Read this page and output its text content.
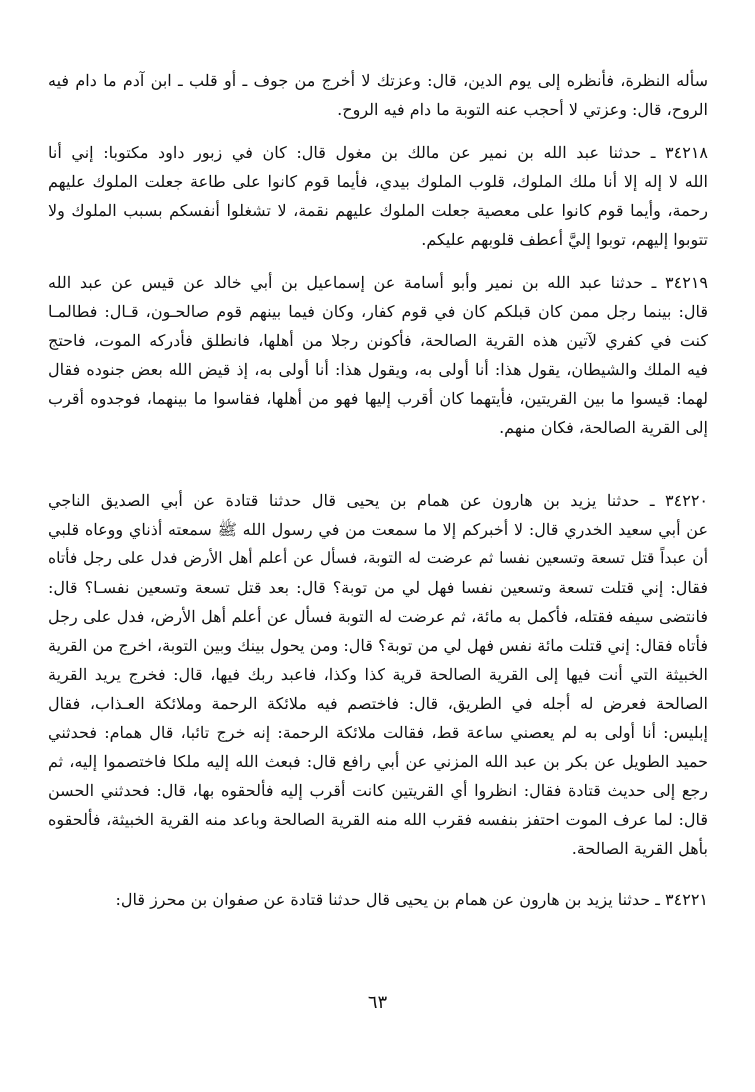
سأله النظرة، فأنظره إلى يوم الدين، قال: وعزتك لا أخرج من جوف ـ أو قلب ـ ابن آدم ما دام فيه
الروح، قال: وعزتي لا أحجب عنه التوبة ما دام فيه الروح.
٣٤٢١٨ ـ حدثنا عبد الله بن نمير عن مالك بن مغول قال: كان في زبور داود مكتوبا: إني أنا
الله لا إله إلا أنا ملك الملوك، قلوب الملوك بيدي، فأيما قوم كانوا على طاعة جعلت الملوك عليهم
رحمة، وأيما قوم كانوا على معصية جعلت الملوك عليهم نقمة، لا تشغلوا أنفسكم بسبب الملوك ولا
تتوبوا إليهم، توبوا إليَّ أعطف قلوبهم عليكم.
٣٤٢١٩ ـ حدثنا عبد الله بن نمير وأبو أسامة عن إسماعيل بن أبي خالد عن قيس عن عبد الله
قال: بينما رجل ممن كان قبلكم كان في قوم كفار، وكان فيما بينهم قوم صالحـون، قـال: فطالمـا
كنت في كفري لآتين هذه القرية الصالحة، فأكونن رجلا من أهلها، فانطلق فأدركه الموت، فاحتج
فيه الملك والشيطان، يقول هذا: أنا أولى به، ويقول هذا: أنا أولى به، إذ قيض الله بعض جنوده فقال
لهما: قيسوا ما بين القريتين، فأيتهما كان أقرب إليها فهو من أهلها، فقاسوا ما بينهما، فوجدوه أقرب
إلى القرية الصالحة، فكان منهم.
٣٤٢٢٠ ـ حدثنا يزيد بن هارون عن همام بن يحيى قال حدثنا قتادة عن أبي الصديق الناجي
عن أبي سعيد الخدري قال: لا أخبركم إلا ما سمعت من في رسول الله ﷺ سمعته أذناي ووعاه قلبي
أن عبداً قتل تسعة وتسعين نفسا ثم عرضت له التوبة، فسأل عن أعلم أهل الأرض فدل على رجل فأتاه
فقال: إني قتلت تسعة وتسعين نفسا فهل لي من توبة؟ قال: بعد قتل تسعة وتسعين نفسـا؟ قال:
فانتضى سيفه فقتله، فأكمل به مائة، ثم عرضت له التوبة فسأل عن أعلم أهل الأرض، فدل على رجل
فأتاه فقال: إني قتلت مائة نفس فهل لي من توبة؟ قال: ومن يحول بينك وبين التوبة، اخرج من القرية
الخبيثة التي أنت فيها إلى القرية الصالحة قرية كذا وكذا، فاعبد ربك فيها، قال: فخرج يريد القرية
الصالحة فعرض له أجله في الطريق، قال: فاختصم فيه ملائكة الرحمة وملائكة العـذاب، فقال
إبليس: أنا أولى به لم يعصني ساعة قط، فقالت ملائكة الرحمة: إنه خرج تائبا، قال همام: فحدثني
حميد الطويل عن بكر بن عبد الله المزني عن أبي رافع قال: فبعث الله إليه ملكا فاختصموا إليه، ثم
رجع إلى حديث قتادة فقال: انظروا أي القريتين كانت أقرب إليه فألحقوه بها، قال: فحدثني الحسن
قال: لما عرف الموت احتفز بنفسه فقرب الله منه القرية الصالحة وباعد منه القرية الخبيثة، فألحقوه
بأهل القرية الصالحة.
٣٤٢٢١ ـ حدثنا يزيد بن هارون عن همام بن يحيى قال حدثنا قتادة عن صفوان بن محرز قال:
٦٣
